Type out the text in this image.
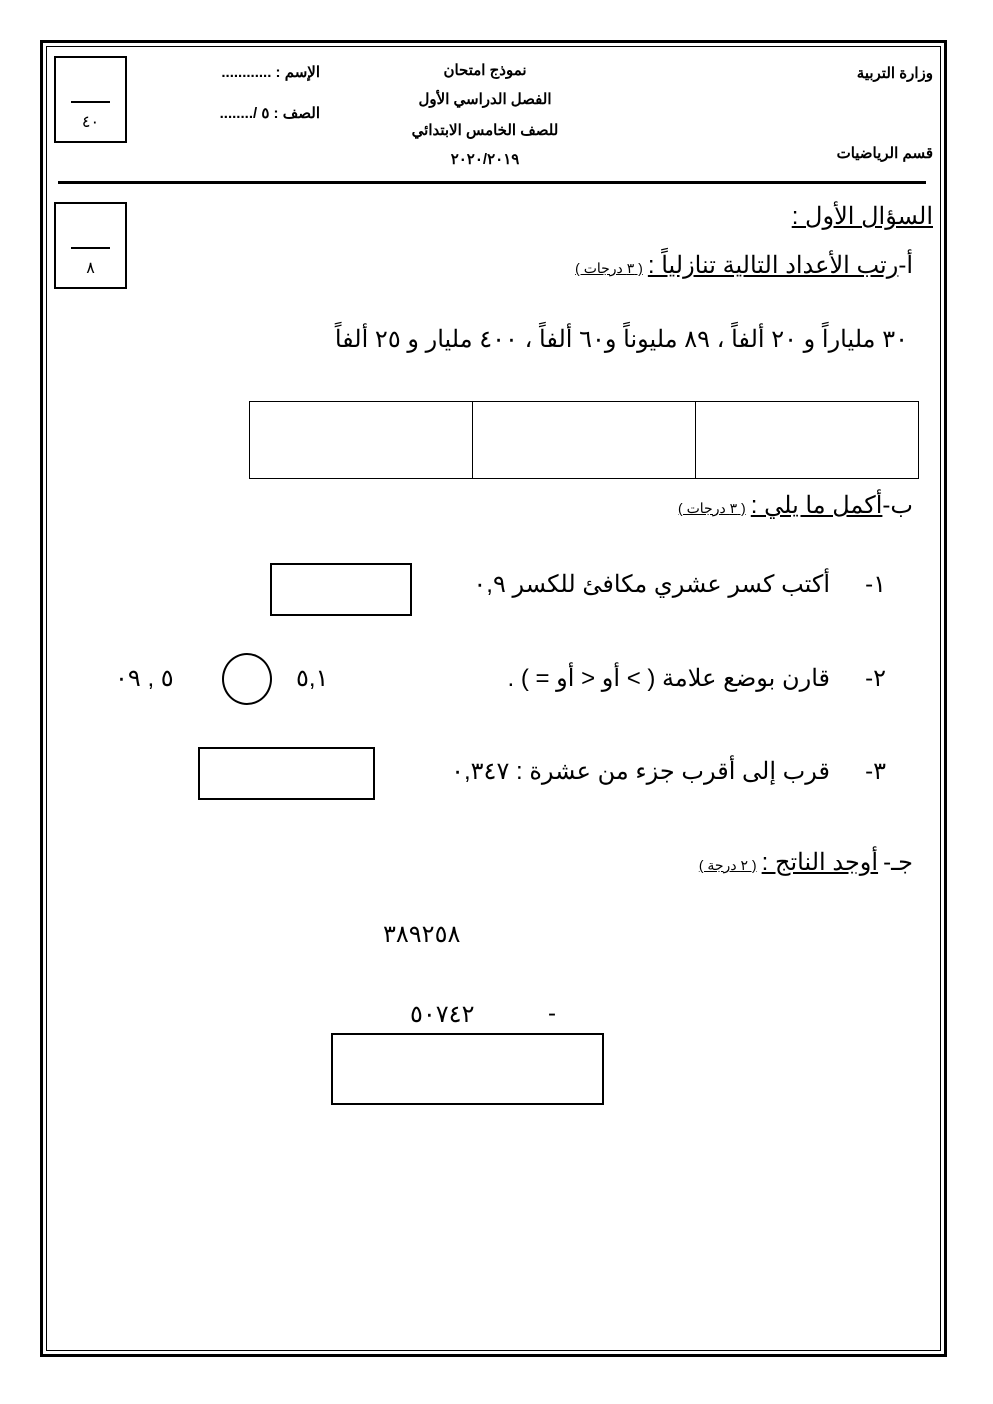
وزارة التربية
قسم الرياضيات
نموذج امتحان
الفصل الدراسي الأول
للصف الخامس الابتدائي
٢٠٢٠/٢٠١٩
الإسم : ............
الصف : ٥ /........
٤٠
٨
السؤال الأول :
أ-رتب الأعداد التالية تنازلياً : ( ٣ درجات )
٣٠ ملياراً و ٢٠ ألفاً ، ٨٩ مليوناً و٦٠ ألفاً ، ٤٠٠ مليار و ٢٥ ألفاً
ب-أكمل ما يلي : ( ٣ درجات )
١-
أكتب كسر عشري مكافئ للكسر ٠,٩
٢-
قارن بوضع علامة ( > أو < أو = ) .
٥,١
٥ , ٠٩
٣-
قرب إلى أقرب جزء من عشرة : ٠,٣٤٧
جـ- أوجد الناتج : ( ٢ درجة )
٣٨٩٢٥٨
٥٠٧٤٢	-
